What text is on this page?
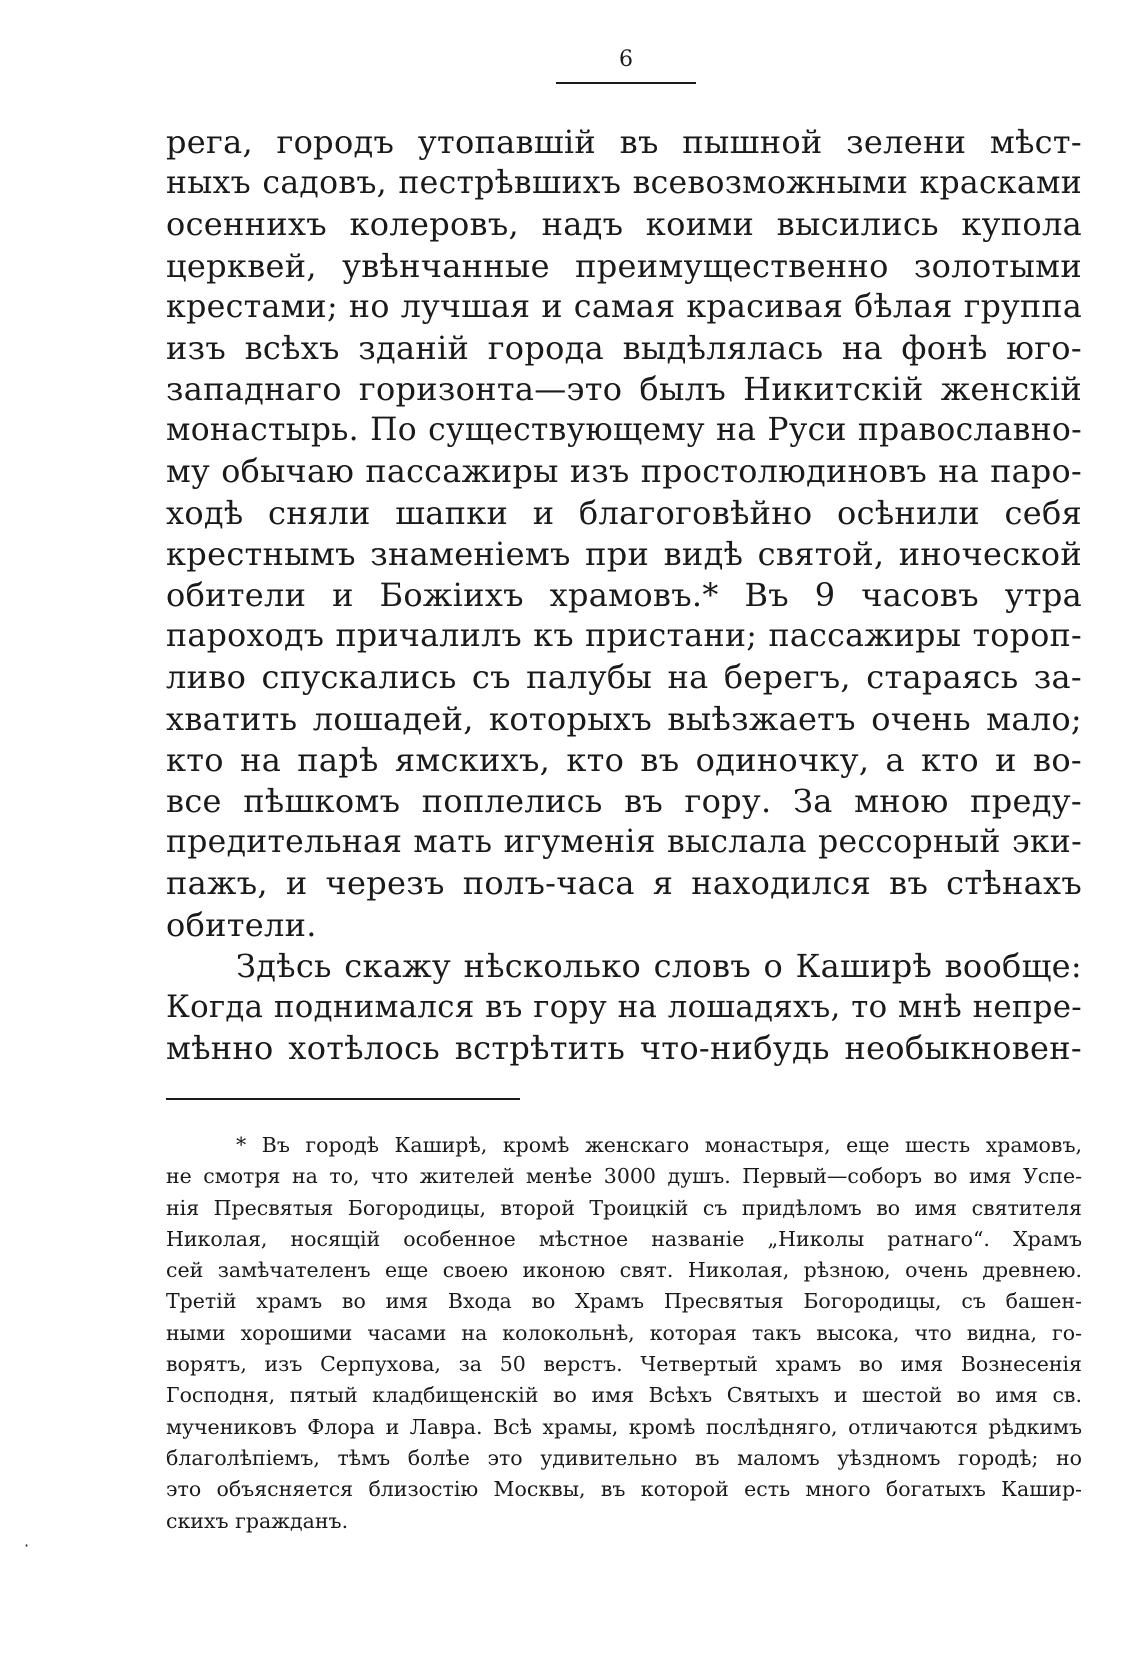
6
рега, городъ утопавшій въ пышной зелени мѣст-
ныхъ садовъ, пестрѣвшихъ всевозможными красками
осеннихъ колеровъ, надъ коими высились купола
церквей, увѣнчанные преимущественно золотыми
крестами; но лучшая и самая красивая бѣлая группа
изъ всѣхъ зданій города выдѣлялась на фонѣ юго-
западнаго горизонта—это былъ Никитскій женскій
монастырь. По существующему на Руси православно-
му обычаю пассажиры изъ простолюдиновъ на паро-
ходѣ сняли шапки и благоговѣйно осѣнили себя
крестнымъ знаменіемъ при видѣ святой, иноческой
обители и Божіихъ храмовъ.* Въ 9 часовъ утра
пароходъ причалилъ къ пристани; пассажиры тороп-
ливо спускались съ палубы на берегъ, стараясь за-
хватить лошадей, которыхъ выѣзжаетъ очень мало;
кто на парѣ ямскихъ, кто въ одиночку, а кто и во-
все пѣшкомъ поплелись въ гору. За мною преду-
предительная мать игуменія выслала рессорный эки-
пажъ, и черезъ полъ-часа я находился въ стѣнахъ
обители.
Здѣсь скажу нѣсколько словъ о Каширѣ вообще:
Когда поднимался въ гору на лошадяхъ, то мнѣ непре-
мѣнно хотѣлось встрѣтить что-нибудь необыкновен-
* Въ городѣ Каширѣ, кромѣ женскаго монастыря, еще шесть храмовъ,
не смотря на то, что жителей менѣе 3000 душъ. Первый—соборъ во имя Успе-
нія Пресвятыя Богородицы, второй Троицкій съ придѣломъ во имя святителя
Николая, носящій особенное мѣстное названіе „Николы ратнаго“. Храмъ
сей замѣчателенъ еще своею иконою свят. Николая, рѣзною, очень древнею.
Третій храмъ во имя Входа во Храмъ Пресвятыя Богородицы, съ башен-
ными хорошими часами на колокольнѣ, которая такъ высока, что видна, го-
ворятъ, изъ Серпухова, за 50 верстъ. Четвертый храмъ во имя Вознесенія
Господня, пятый кладбищенскій во имя Всѣхъ Святыхъ и шестой во имя св.
мучениковъ Флора и Лавра. Всѣ храмы, кромѣ послѣдняго, отличаются рѣдкимъ
благолѣпіемъ, тѣмъ болѣе это удивительно въ маломъ уѣздномъ городѣ; но
это объясняется близостію Москвы, въ которой есть много богатыхъ Кашир-
скихъ гражданъ.
·
